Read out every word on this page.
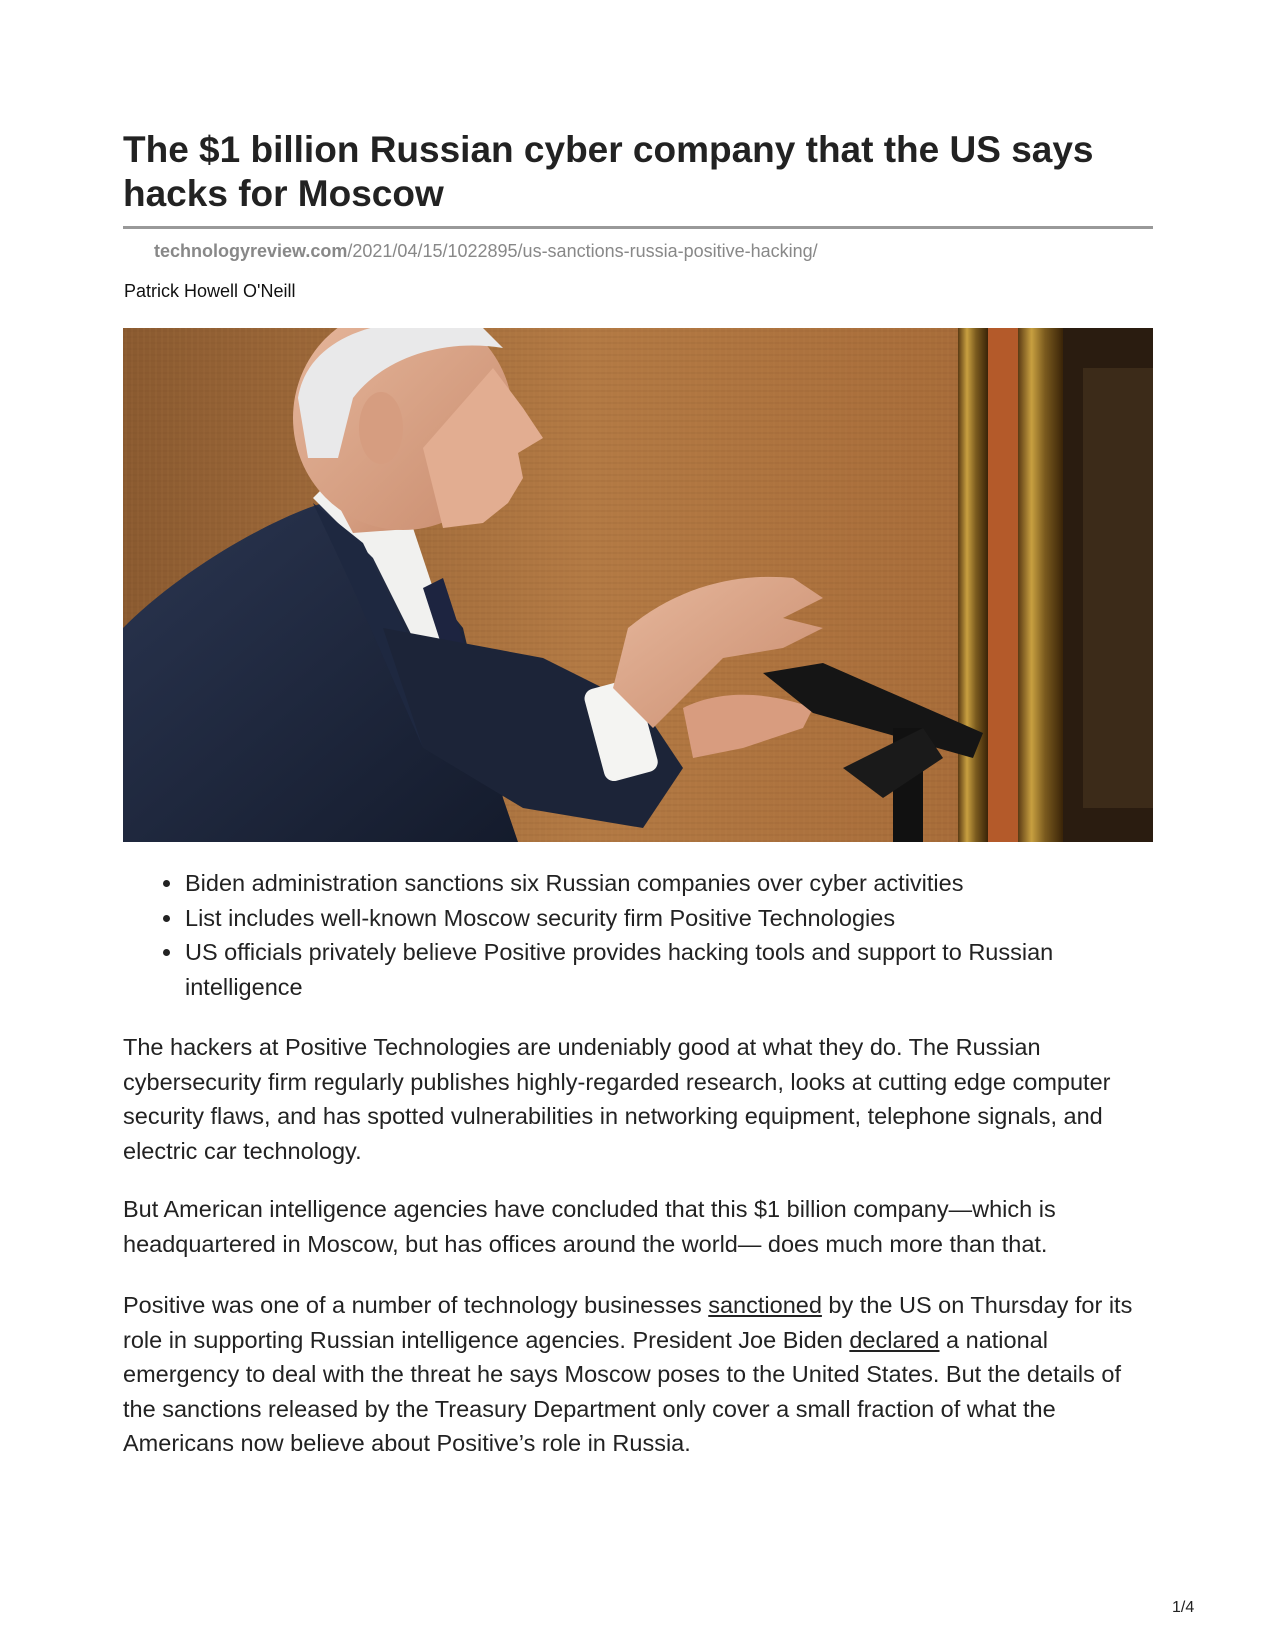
The $1 billion Russian cyber company that the US says hacks for Moscow
technologyreview.com/2021/04/15/1022895/us-sanctions-russia-positive-hacking/
Patrick Howell O'Neill
Biden administration sanctions six Russian companies over cyber activities
List includes well-known Moscow security firm Positive Technologies
US officials privately believe Positive provides hacking tools and support to Russian intelligence

The hackers at Positive Technologies are undeniably good at what they do. The Russian cybersecurity firm regularly publishes highly-regarded research, looks at cutting edge computer security flaws, and has spotted vulnerabilities in networking equipment, telephone signals, and electric car technology.

But American intelligence agencies have concluded that this $1 billion company—which is headquartered in Moscow, but has offices around the world— does much more than that.

Positive was one of a number of technology businesses sanctioned by the US on Thursday for its role in supporting Russian intelligence agencies. President Joe Biden declared a national emergency to deal with the threat he says Moscow poses to the United States. But the details of the sanctions released by the Treasury Department only cover a small fraction of what the Americans now believe about Positive’s role in Russia.

1/4
